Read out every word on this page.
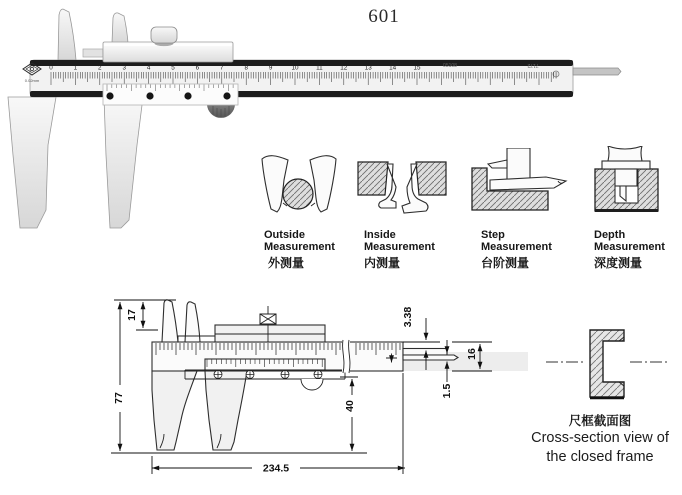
601
0.02mm
0	1	2	3	4	5	6	7	8	9	10	11	12	13	14	15	05108	7172
Outside
Measurement
外测量
Inside
Measurement
内测量
Step
Measurement
台阶测量
Depth
Measurement
深度测量
17
77
40
3.38
16
1.5
234.5
尺框截面图
Cross-section view of
the closed frame
